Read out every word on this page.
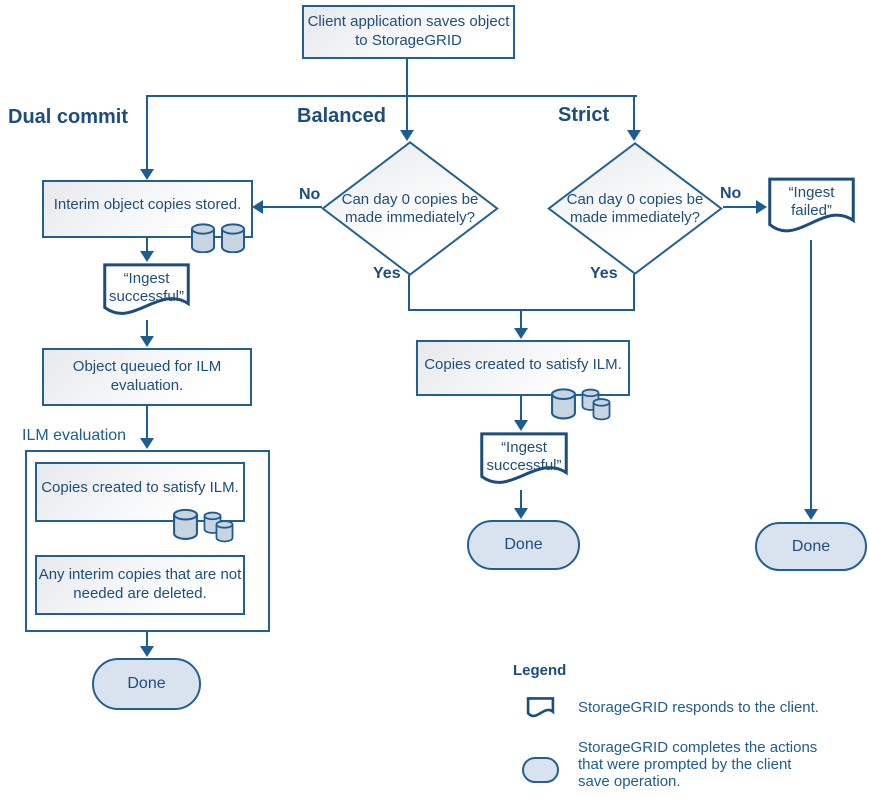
Dual commit	Balanced	Strict
Client application saves object to StorageGRID
Can day 0 copies be made immediately?
No
Yes
Can day 0 copies be made immediately?
No
Yes
Interim object copies stored.
“Ingest successful”
Object queued for ILM evaluation.
ILM evaluation
Copies created to satisfy ILM.
Any interim copies that are not needed are deleted.
Done
Copies created to satisfy ILM.
“Ingest successful”
Done
“Ingest failed”
Done
Legend
StorageGRID responds to the client.
StorageGRID completes the actions that were prompted by the client save operation.
